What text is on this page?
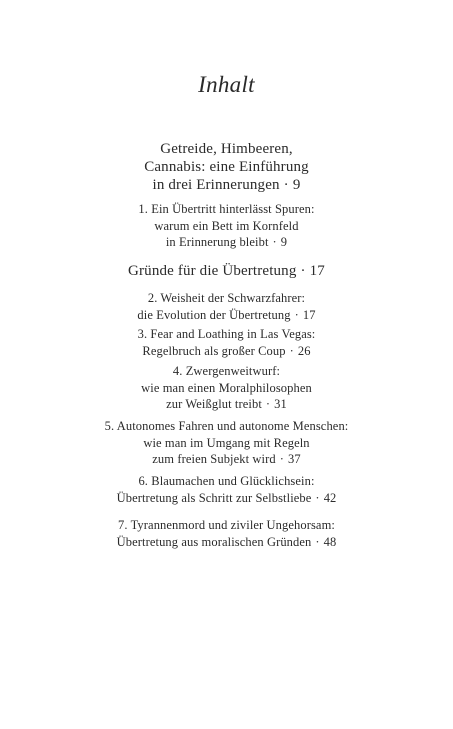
Inhalt
Getreide, Himbeeren,
Cannabis: eine Einführung
in drei Erinnerungen · 9
1. Ein Übertritt hinterlässt Spuren:
warum ein Bett im Kornfeld
in Erinnerung bleibt · 9
Gründe für die Übertretung · 17
2. Weisheit der Schwarzfahrer:
die Evolution der Übertretung · 17
3. Fear and Loathing in Las Vegas:
Regelbruch als großer Coup · 26
4. Zwergenweitwurf:
wie man einen Moralphilosophen
zur Weißglut treibt · 31
5. Autonomes Fahren und autonome Menschen:
wie man im Umgang mit Regeln
zum freien Subjekt wird · 37
6. Blaumachen und Glücklichsein:
Übertretung als Schritt zur Selbstliebe · 42
7. Tyrannenmord und ziviler Ungehorsam:
Übertretung aus moralischen Gründen · 48
